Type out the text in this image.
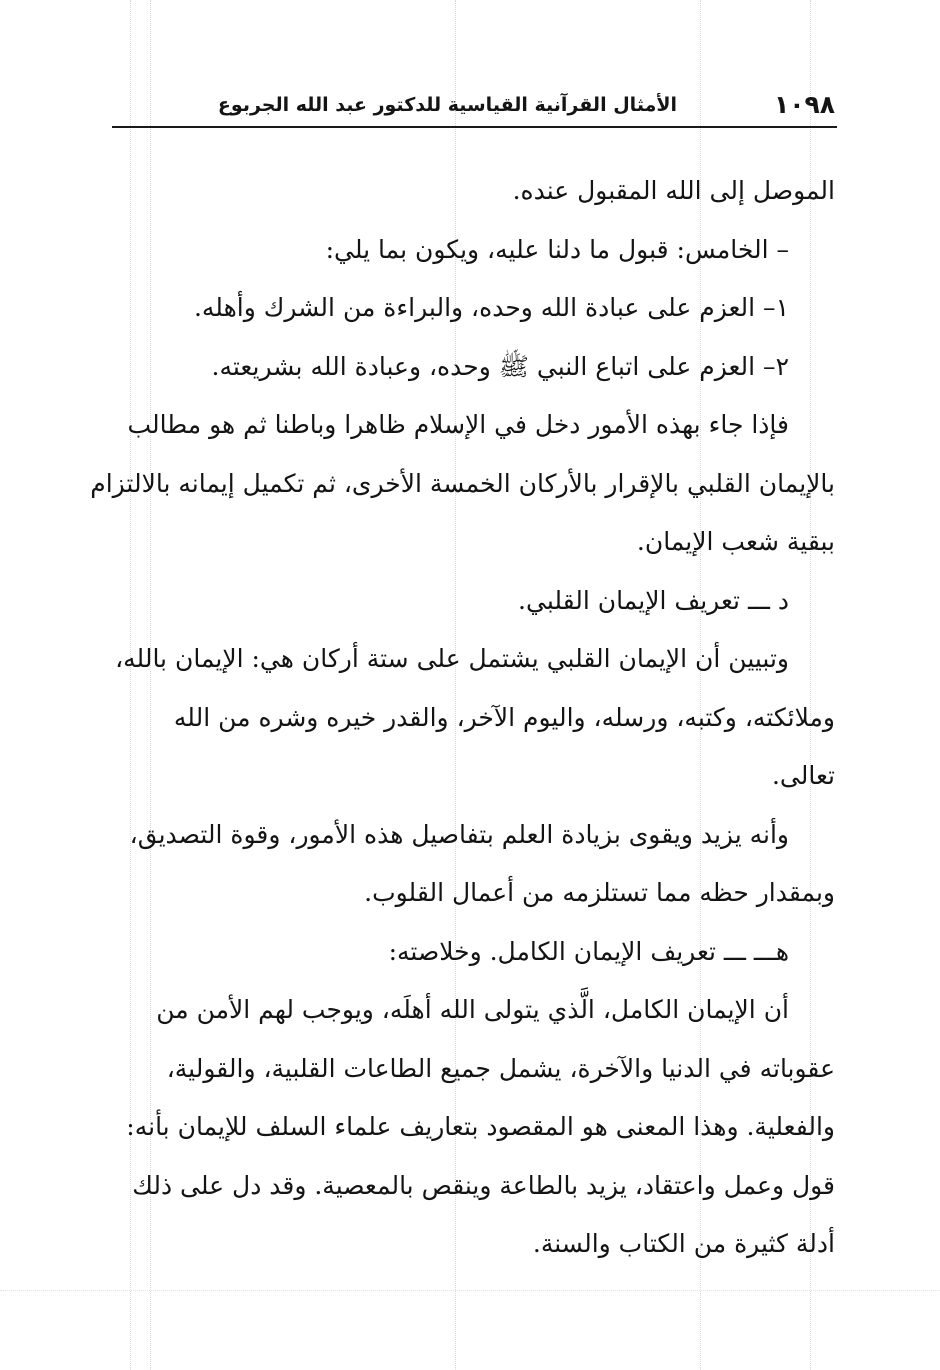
١٠٩٨
الأمثال القرآنية القياسية للدكتور عبد الله الجربوع
الموصل إلى الله المقبول عنده.
– الخامس: قبول ما دلنا عليه، ويكون بما يلي:
١– العزم على عبادة الله وحده، والبراءة من الشرك وأهله.
٢– العزم على اتباع النبي ﷺ وحده، وعبادة الله بشريعته.
فإذا جاء بهذه الأمور دخل في الإسلام ظاهرا وباطنا ثم هو مطالب
بالإيمان القلبي بالإقرار بالأركان الخمسة الأخرى، ثم تكميل إيمانه بالالتزام
ببقية شعب الإيمان.
د ـــ تعريف الإيمان القلبي.
وتبيين أن الإيمان القلبي يشتمل على ستة أركان هي: الإيمان بالله،
وملائكته، وكتبه، ورسله، واليوم الآخر، والقدر خيره وشره من الله
تعالى.
وأنه يزيد ويقوى بزيادة العلم بتفاصيل هذه الأمور، وقوة التصديق،
وبمقدار حظه مما تستلزمه من أعمال القلوب.
هـــ ـــ تعريف الإيمان الكامل. وخلاصته:
أن الإيمان الكامل، الَّذي يتولى الله أهلَه، ويوجب لهم الأمن من
عقوباته في الدنيا والآخرة، يشمل جميع الطاعات القلبية، والقولية،
والفعلية. وهذا المعنى هو المقصود بتعاريف علماء السلف للإيمان بأنه:
قول وعمل واعتقاد، يزيد بالطاعة وينقص بالمعصية. وقد دل على ذلك
أدلة كثيرة من الكتاب والسنة.
